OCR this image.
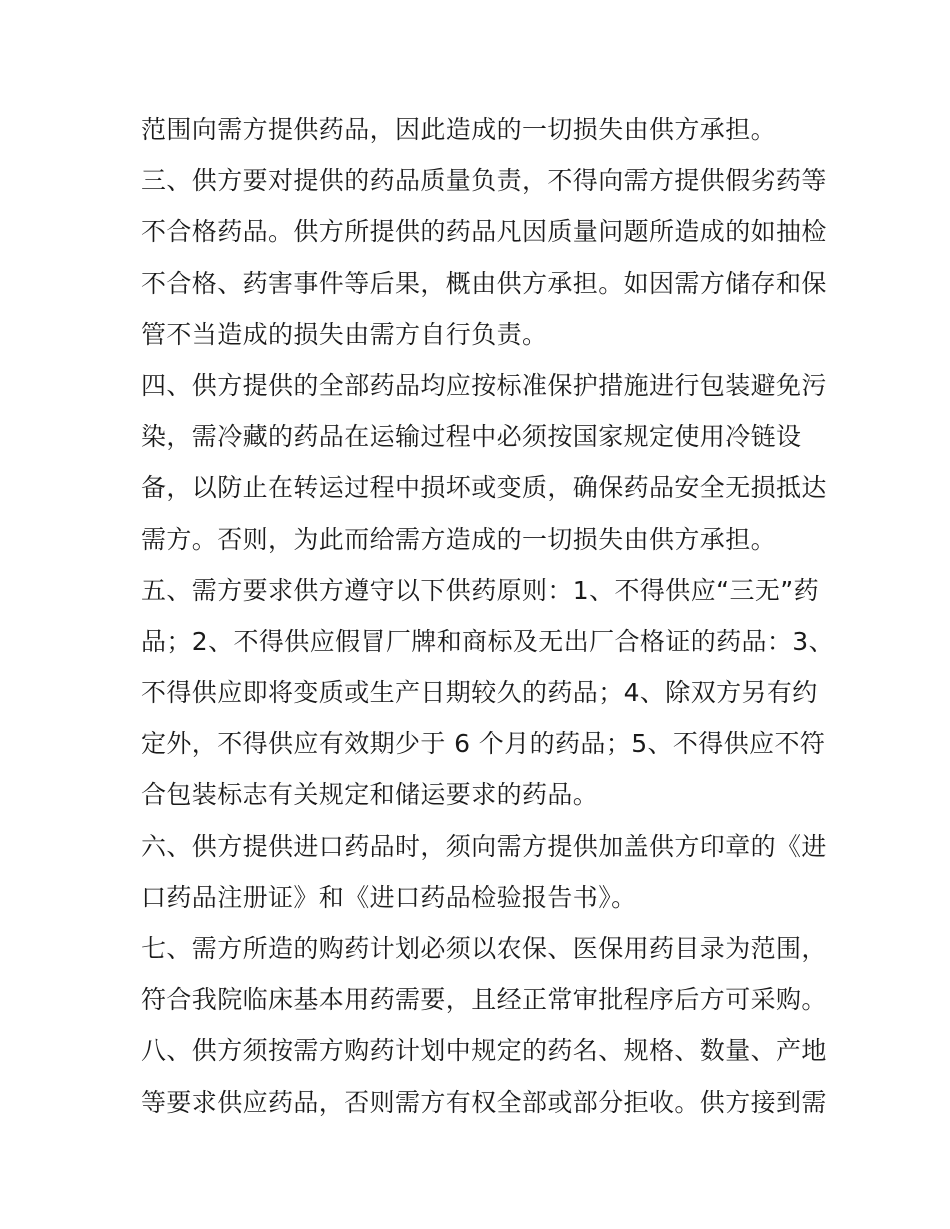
范围向需方提供药品，因此造成的一切损失由供方承担。
三、供方要对提供的药品质量负责，不得向需方提供假劣药等
不合格药品。供方所提供的药品凡因质量问题所造成的如抽检
不合格、药害事件等后果，概由供方承担。如因需方储存和保
管不当造成的损失由需方自行负责。
四、供方提供的全部药品均应按标准保护措施进行包装避免污
染，需冷藏的药品在运输过程中必须按国家规定使用冷链设
备，以防止在转运过程中损坏或变质，确保药品安全无损抵达
需方。否则，为此而给需方造成的一切损失由供方承担。
五、需方要求供方遵守以下供药原则：1、不得供应“三无”药
品；2、不得供应假冒厂牌和商标及无出厂合格证的药品：3、
不得供应即将变质或生产日期较久的药品；4、除双方另有约
定外，不得供应有效期少于 6 个月的药品；5、不得供应不符
合包装标志有关规定和储运要求的药品。
六、供方提供进口药品时，须向需方提供加盖供方印章的《进
口药品注册证》和《进口药品检验报告书》。
七、需方所造的购药计划必须以农保、医保用药目录为范围，
符合我院临床基本用药需要，且经正常审批程序后方可采购。
八、供方须按需方购药计划中规定的药名、规格、数量、产地
等要求供应药品，否则需方有权全部或部分拒收。供方接到需
